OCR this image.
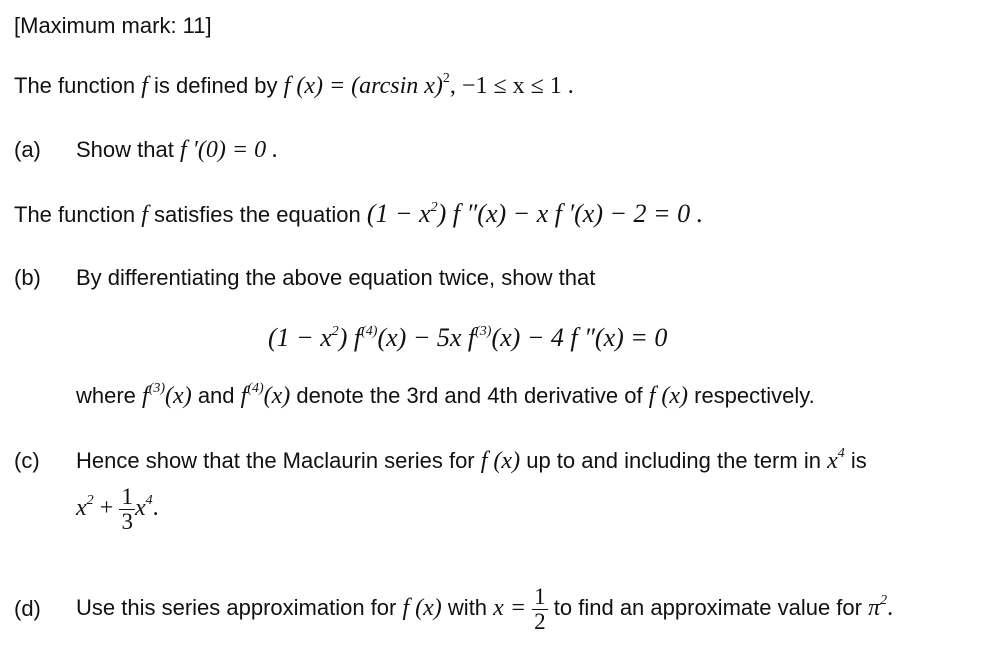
[Maximum mark: 11]
The function f is defined by f (x) = (arcsin x)$^2$, −1 ≤ x ≤ 1 .
(a) Show that f ′(0) = 0 .
The function f satisfies the equation $(1 - x^2)$ f ″(x) − x f ′(x) − 2 = 0 .
(b) By differentiating the above equation twice, show that
$(1 - x^2)$ $f^{(4)}(x) - 5x$ $f^{(3)}(x) - 4$ f ″(x) = 0
where $f^{(3)}(x)$ and $f^{(4)}(x)$ denote the 3rd and 4th derivative of f (x) respectively.
(c) Hence show that the Maclaurin series for f (x) up to and including the term in $x^4$ is
$x^2 + \frac{1}{3} x^4$.
(d) Use this series approximation for f (x) with $x = \frac{1}{2}$ to find an approximate value for $\pi^2$.
